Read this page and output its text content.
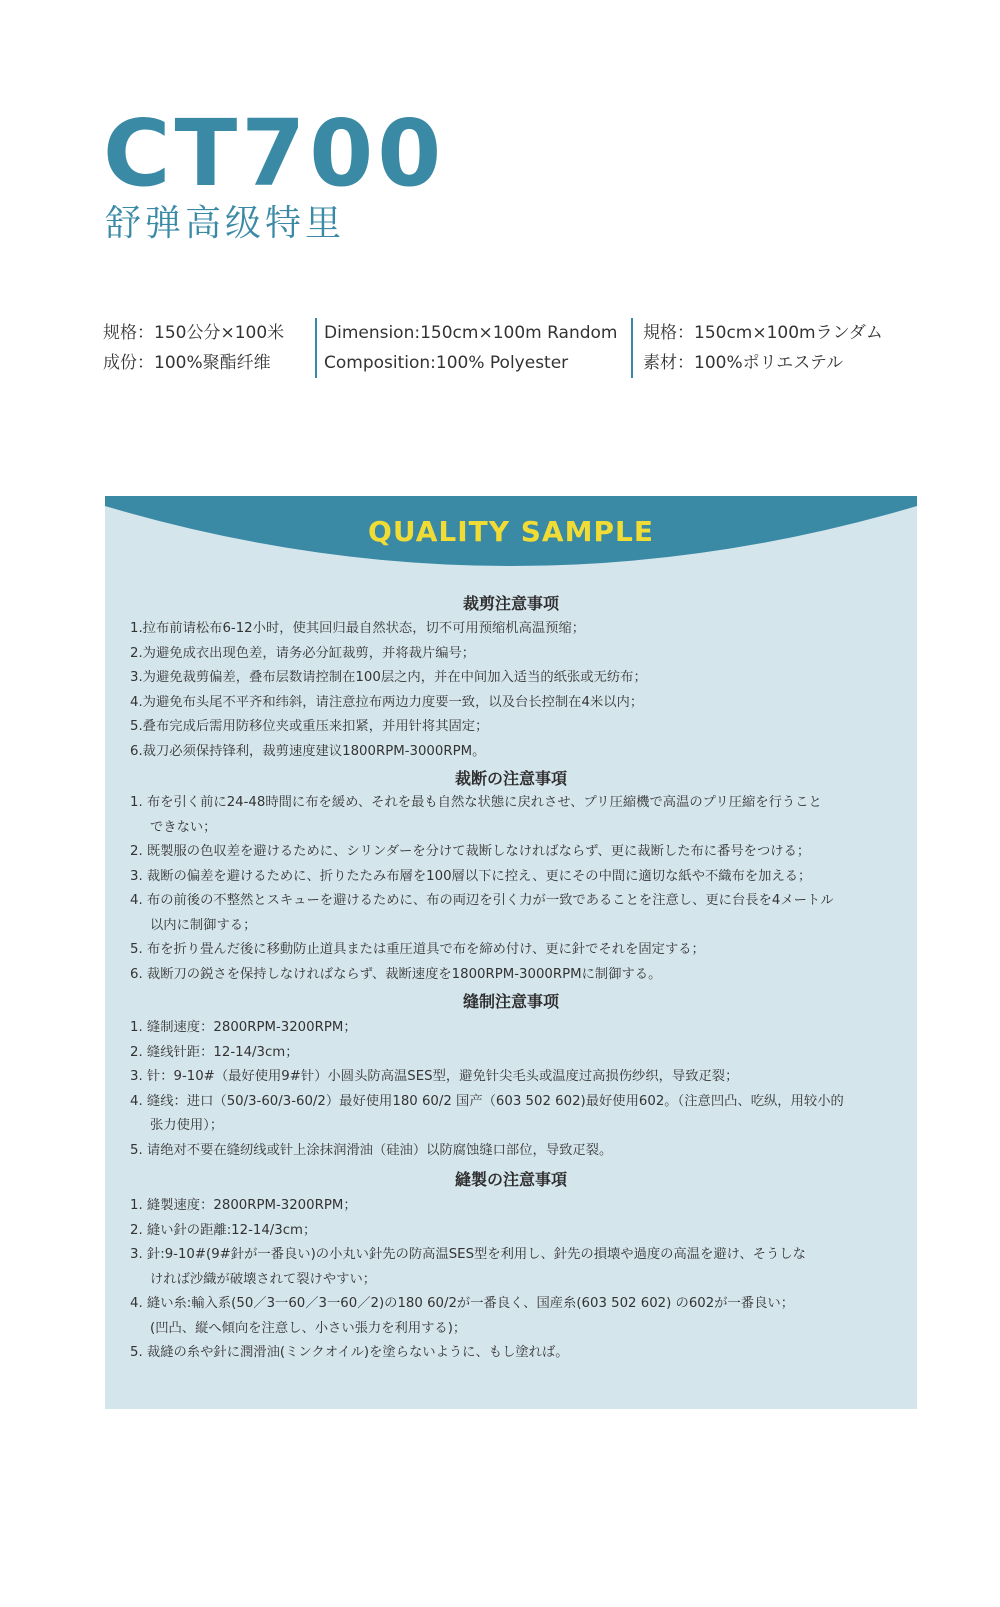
CT700
舒弹高级特里
规格：150公分×100米
成份：100%聚酯纤维
Dimension:150cm×100m Random
Composition:100% Polyester
規格：150cm×100mランダム
素材：100%ポリエステル
QUALITY SAMPLE
裁剪注意事项
1.拉布前请松布6-12小时，使其回归最自然状态，切不可用预缩机高温预缩；
2.为避免成衣出现色差，请务必分缸裁剪，并将裁片编号；
3.为避免裁剪偏差，叠布层数请控制在100层之内，并在中间加入适当的纸张或无纺布；
4.为避免布头尾不平齐和纬斜，请注意拉布两边力度要一致，以及台长控制在4米以内；
5.叠布完成后需用防移位夹或重压来扣紧，并用针将其固定；
6.裁刀必须保持锋利，裁剪速度建议1800RPM-3000RPM。
裁断の注意事項
1. 布を引く前に24-48時間に布を緩め、それを最も自然な状態に戻れさせ、プリ圧縮機で高温のプリ圧縮を行うこと
できない；
2. 既製服の色収差を避けるために、シリンダーを分けて裁断しなければならず、更に裁断した布に番号をつける；
3. 裁断の偏差を避けるために、折りたたみ布層を100層以下に控え、更にその中間に適切な紙や不織布を加える；
4. 布の前後の不整然とスキューを避けるために、布の両辺を引く力が一致であることを注意し、更に台長を4メートル
以内に制御する；
5. 布を折り畳んだ後に移動防止道具または重圧道具で布を締め付け、更に針でそれを固定する；
6. 裁断刀の鋭さを保持しなければならず、裁断速度を1800RPM-3000RPMに制御する。
缝制注意事项
1. 缝制速度：2800RPM-3200RPM；
2. 缝线针距：12-14/3cm；
3. 针：9-10#（最好使用9#针）小圆头防高温SES型，避免针尖毛头或温度过高损伤纱织，导致疋裂；
4. 缝线：进口（50/3-60/3-60/2）最好使用180 60/2 国产（603 502 602)最好使用602。（注意凹凸、吃纵，用较小的
张力使用）；
5. 请绝对不要在缝纫线或针上涂抹润滑油（硅油）以防腐蚀缝口部位，导致疋裂。
縫製の注意事項
1. 縫製速度：2800RPM-3200RPM；
2. 縫い針の距離:12-14/3cm；
3. 針:9-10#(9#針が一番良い)の小丸い針先の防高温SES型を利用し、針先の損壊や過度の高温を避け、そうしな
ければ沙織が破壊されて裂けやすい；
4. 縫い糸:輸入系(50／3一60／3一60／2)の180 60/2が一番良く、国産糸(603 502 602) の602が一番良い；
(凹凸、縦へ傾向を注意し、小さい張力を利用する)；
5. 裁縫の糸や針に潤滑油(ミンクオイル)を塗らないように、もし塗れば。
